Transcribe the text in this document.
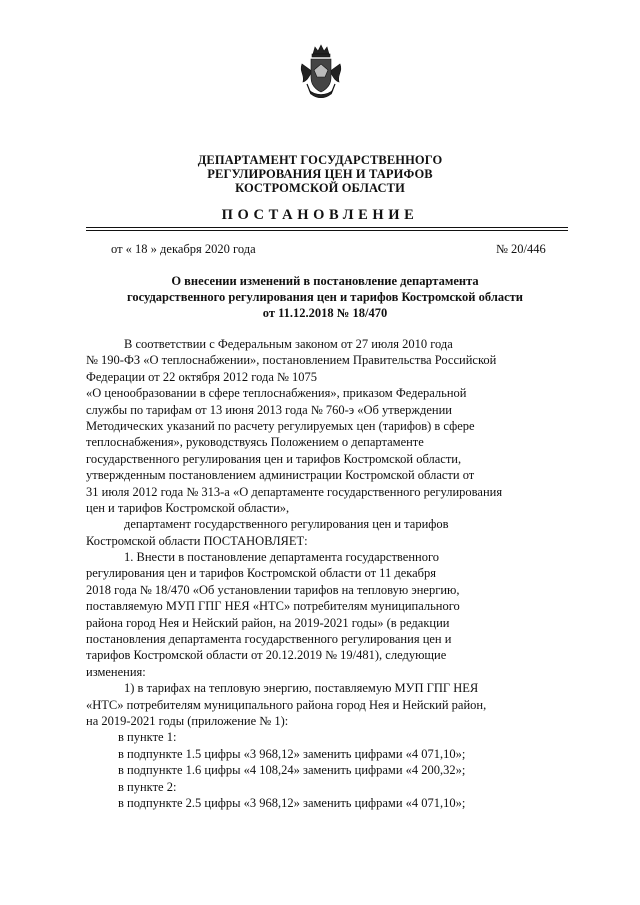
ДЕПАРТАМЕНТ ГОСУДАРСТВЕННОГО
РЕГУЛИРОВАНИЯ ЦЕН И ТАРИФОВ
КОСТРОМСКОЙ ОБЛАСТИ
ПОСТАНОВЛЕНИЕ
от « 18 » декабря 2020 года	№ 20/446
О внесении изменений в постановление департамента
государственного регулирования цен и тарифов Костромской области
от 11.12.2018 № 18/470
В соответствии с Федеральным законом от 27 июля 2010 года
№ 190-ФЗ «О теплоснабжении», постановлением Правительства Российской
Федерации от 22 октября 2012 года № 1075
«О ценообразовании в сфере теплоснабжения», приказом Федеральной
службы по тарифам от 13 июня 2013 года № 760-э «Об утверждении
Методических указаний по расчету регулируемых цен (тарифов) в сфере
теплоснабжения», руководствуясь Положением о департаменте
государственного регулирования цен и тарифов Костромской области,
утвержденным постановлением администрации Костромской области от
31 июля 2012 года № 313-а «О департаменте государственного регулирования
цен и тарифов Костромской области»,
департамент государственного регулирования цен и тарифов
Костромской области ПОСТАНОВЛЯЕТ:
1. Внести в постановление департамента государственного
регулирования цен и тарифов Костромской области от 11 декабря
2018 года № 18/470 «Об установлении тарифов на тепловую энергию,
поставляемую МУП ГПГ НЕЯ «НТС» потребителям муниципального
района город Нея и Нейский район, на 2019-2021 годы» (в редакции
постановления департамента государственного регулирования цен и
тарифов Костромской области от 20.12.2019 № 19/481), следующие
изменения:
1) в тарифах на тепловую энергию, поставляемую МУП ГПГ НЕЯ
«НТС» потребителям муниципального района город Нея и Нейский район,
на 2019-2021 годы (приложение № 1):
в пункте 1:
в подпункте 1.5 цифры «3 968,12» заменить цифрами «4 071,10»;
в подпункте 1.6 цифры «4 108,24» заменить цифрами «4 200,32»;
в пункте 2:
в подпункте 2.5 цифры «3 968,12» заменить цифрами «4 071,10»;
